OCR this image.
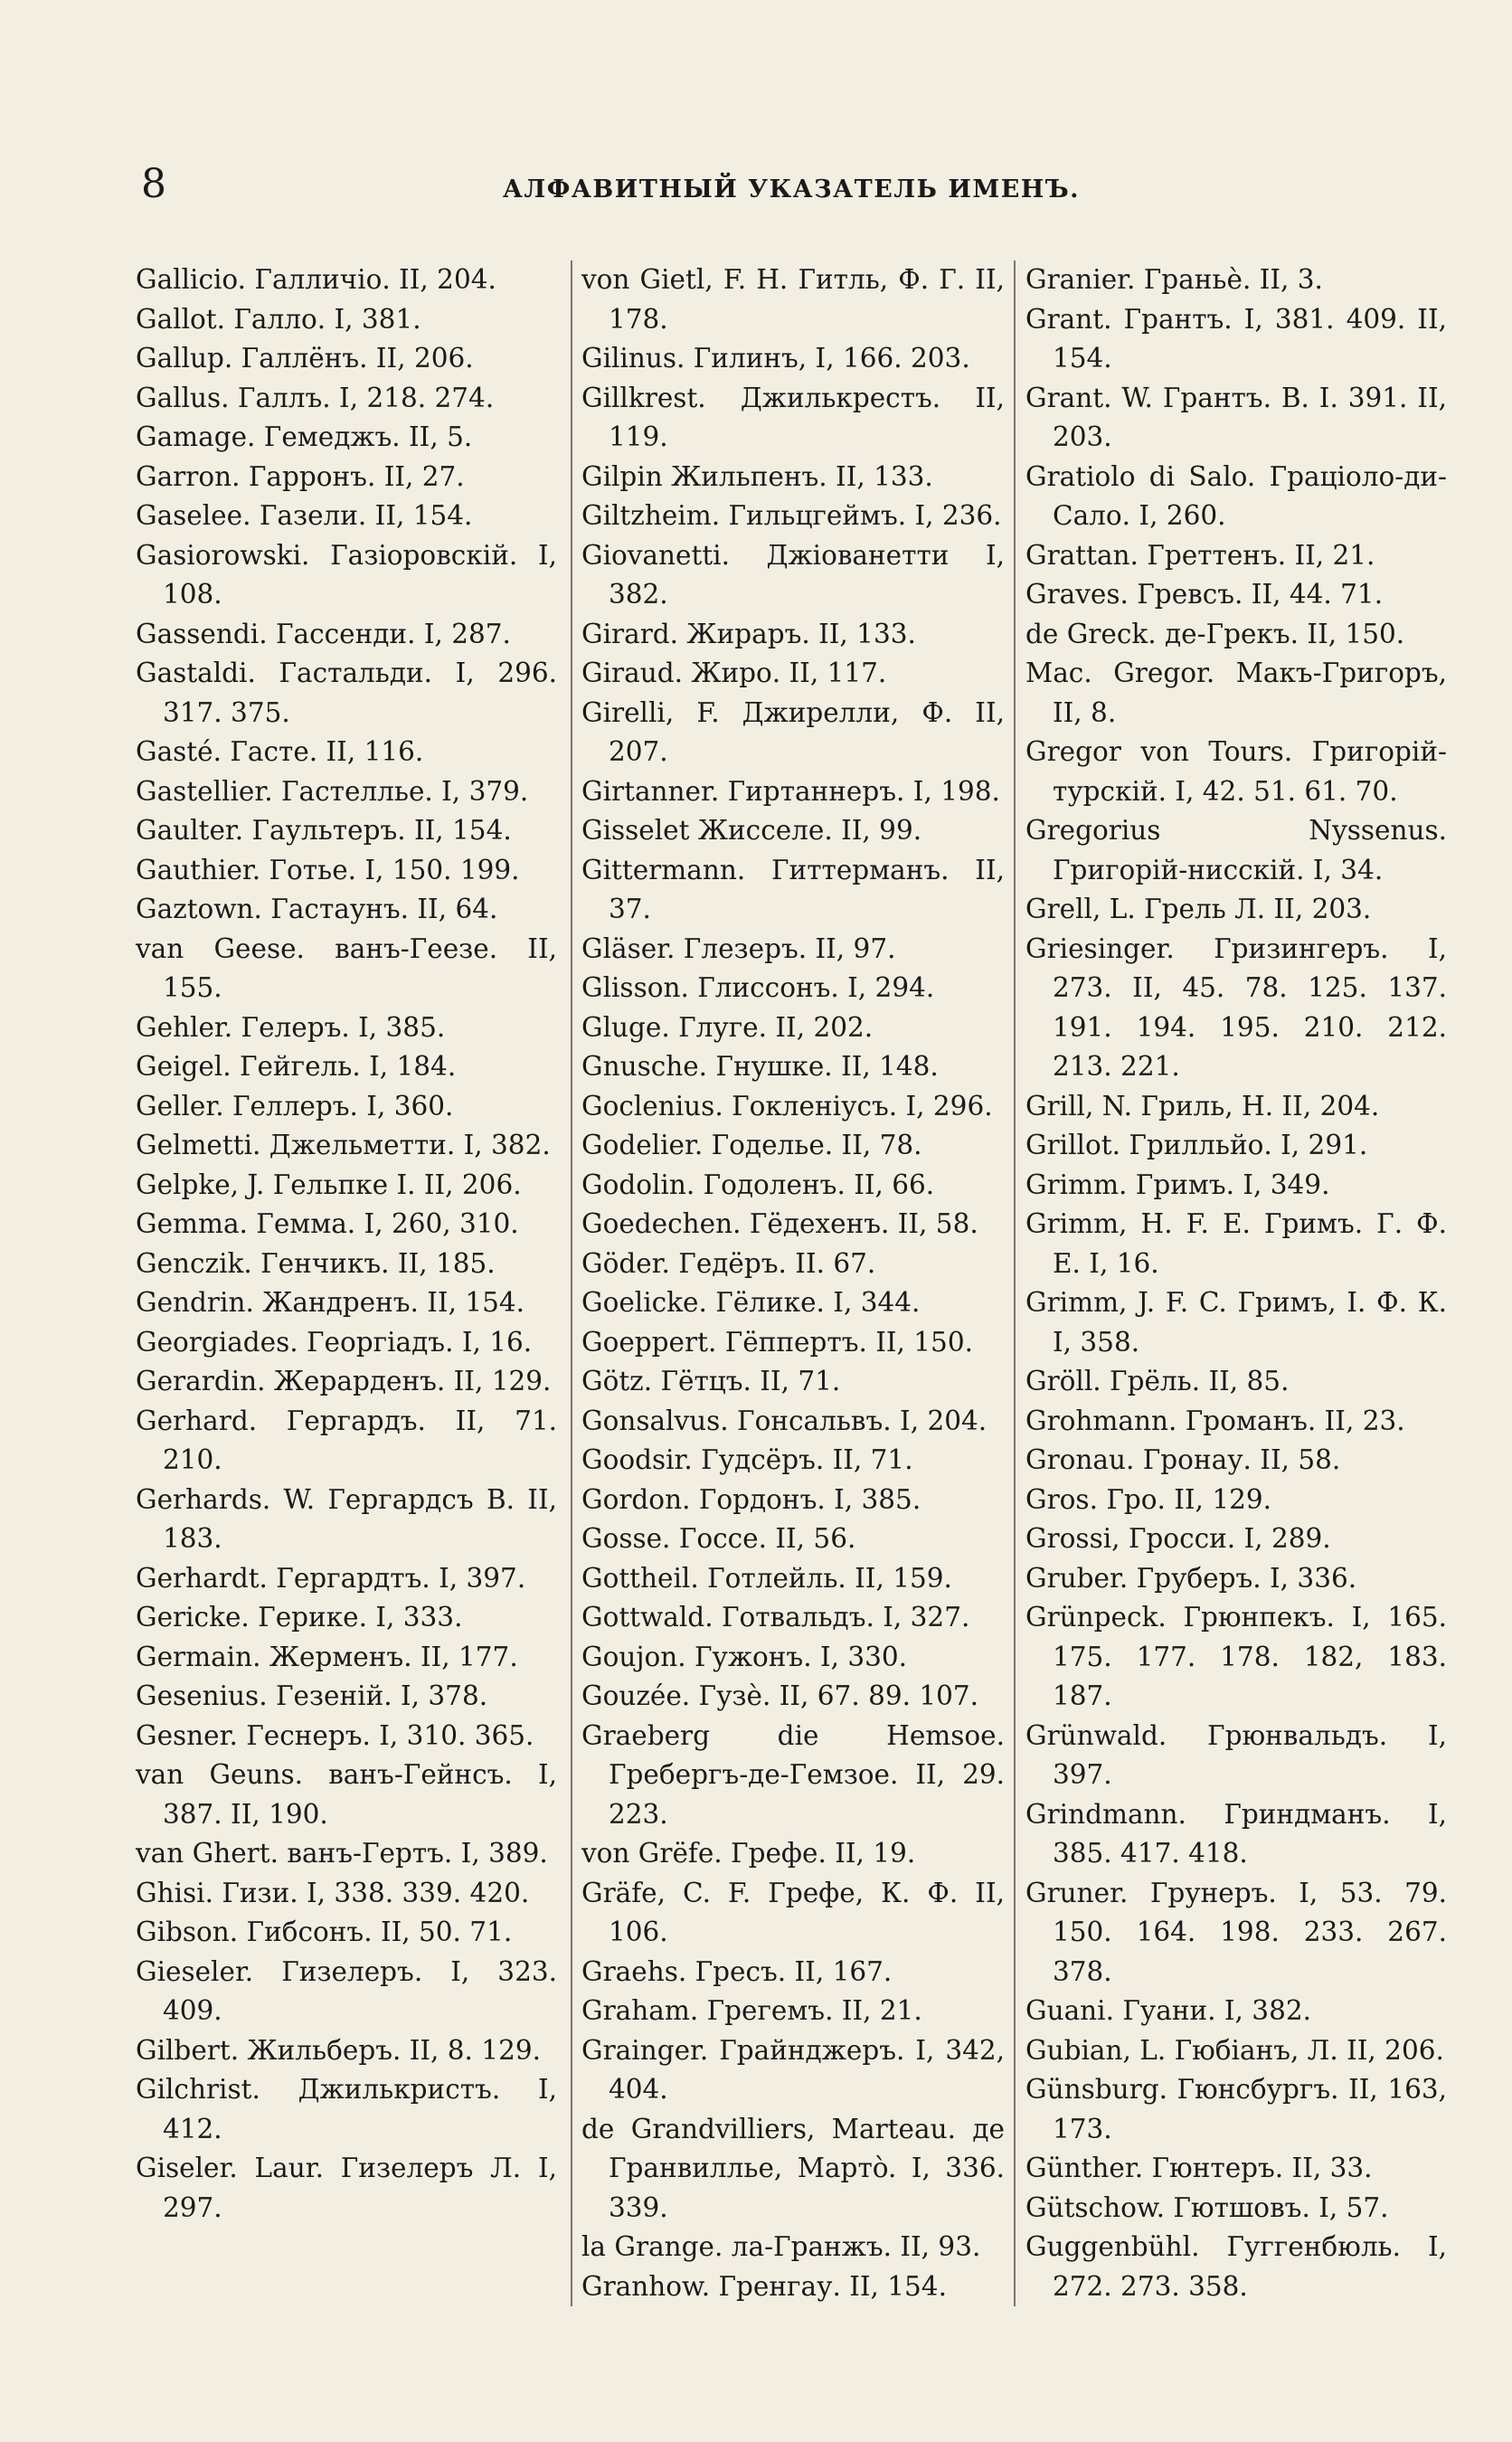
8	АЛФАВИТНЫЙ УКАЗАТЕЛЬ ИМЕНЪ.

Gallicio. Галличіо. II, 204.

Gallot. Галло. I, 381.

Gallup. Галлёнъ. II, 206.

Gallus. Галлъ. I, 218. 274.

Gamage. Гемеджъ. II, 5.

Garron. Гарронъ. II, 27.

Gaselee. Газели. II, 154.

Gasiorowski. Газіоровскій. I, 108.

Gassendi. Гассенди. I, 287.

Gastaldi. Гастальди. I, 296. 317. 375.

Gasté. Гасте. II, 116.

Gastellier. Гастеллье. I, 379.

Gaulter. Гаультеръ. II, 154.

Gauthier. Готье. I, 150. 199.

Gaztown. Гастаунъ. II, 64.

van Geese. ванъ-Геезе. II, 155.

Gehler. Гелеръ. I, 385.

Geigel. Гейгель. I, 184.

Geller. Геллеръ. I, 360.

Gelmetti. Джельметти. I, 382.

Gelpke, J. Гельпке I. II, 206.

Gemma. Гемма. I, 260, 310.

Genczik. Генчикъ. II, 185.

Gendrin. Жандренъ. II, 154.

Georgiades. Георгіадъ. I, 16.

Gerardin. Жерарденъ. II, 129.

Gerhard. Гергардъ. II, 71. 210.

Gerhards. W. Гергардсъ В. II, 183.

Gerhardt. Гергардтъ. I, 397.

Gericke. Герике. I, 333.

Germain. Жерменъ. II, 177.

Gesenius. Гезеній. I, 378.

Gesner. Геснеръ. I, 310. 365.

van Geuns. ванъ-Гейнсъ. I, 387. II, 190.

van Ghert. ванъ-Гертъ. I, 389.

Ghisi. Гизи. I, 338. 339. 420.

Gibson. Гибсонъ. II, 50. 71.

Gieseler. Гизелеръ. I, 323. 409.

Gilbert. Жильберъ. II, 8. 129.

Gilchrist. Джилькристъ. I, 412.

Giseler. Laur. Гизелеръ Л. I, 297.

von Gietl, F. H. Гитль, Ф. Г. II, 178.

Gilinus. Гилинъ, I, 166. 203.

Gillkrest. Джилькрестъ. II, 119.

Gilpin Жильпенъ. II, 133.

Giltzheim. Гильцгеймъ. I, 236.

Giovanetti. Джіованетти I, 382.

Girard. Жираръ. II, 133.

Giraud. Жиро. II, 117.

Girelli, F. Джирелли, Ф. II, 207.

Girtanner. Гиртаннеръ. I, 198.

Gisselet Жисселе. II, 99.

Gittermann. Гиттерманъ. II, 37.

Gläser. Глезеръ. II, 97.

Glisson. Глиссонъ. I, 294.

Gluge. Глуге. II, 202.

Gnusche. Гнушке. II, 148.

Goclenius. Гокленіусъ. I, 296.

Godelier. Годелье. II, 78.

Godolin. Годоленъ. II, 66.

Goedechen. Гёдехенъ. II, 58.

Göder. Гедёръ. II. 67.

Goelicke. Гёлике. I, 344.

Goeppert. Гёппертъ. II, 150.

Götz. Гётцъ. II, 71.

Gonsalvus. Гонсальвъ. I, 204.

Goodsir. Гудсёръ. II, 71.

Gordon. Гордонъ. I, 385.

Gosse. Госсе. II, 56.

Gottheil. Готлейль. II, 159.

Gottwald. Готвальдъ. I, 327.

Goujon. Гужонъ. I, 330.

Gouzée. Гузè. II, 67. 89. 107.

Graeberg die Hemsoe. Гребергъ-де-Гемзое. II, 29. 223.

von Grëfe. Грефе. II, 19.

Gräfe, C. F. Грефе, К. Ф. II, 106.

Graehs. Гресъ. II, 167.

Graham. Грегемъ. II, 21.

Grainger. Грайнджеръ. I, 342, 404.

de Grandvilliers, Marteau. де Гранвиллье, Мартò. I, 336. 339.

la Grange. ла-Гранжъ. II, 93.

Granhow. Гренгау. II, 154.

Granier. Граньè. II, 3.

Grant. Грантъ. I, 381. 409. II, 154.

Grant. W. Грантъ. В. I. 391. II, 203.

Gratiolo di Salo. Граціоло-ди-Сало. I, 260.

Grattan. Греттенъ. II, 21.

Graves. Гревсъ. II, 44. 71.

de Greck. де-Грекъ. II, 150.

Mac. Gregor. Макъ-Григоръ, II, 8.

Gregor von Tours. Григорій-турскій. I, 42. 51. 61. 70.

Gregorius Nyssenus. Григорій-нисскій. I, 34.

Grell, L. Грель Л. II, 203.

Griesinger. Гризингеръ. I, 273. II, 45. 78. 125. 137. 191. 194. 195. 210. 212. 213. 221.

Grill, N. Гриль, Н. II, 204.

Grillot. Грилльйо. I, 291.

Grimm. Гримъ. I, 349.

Grimm, H. F. E. Гримъ. Г. Ф. Е. I, 16.

Grimm, J. F. C. Гримъ, I. Ф. К. I, 358.

Gröll. Грёль. II, 85.

Grohmann. Громанъ. II, 23.

Gronau. Гронау. II, 58.

Gros. Гро. II, 129.

Grossi, Гросси. I, 289.

Gruber. Груберъ. I, 336.

Grünpeck. Грюнпекъ. I, 165. 175. 177. 178. 182, 183. 187.

Grünwald. Грюнвальдъ. I, 397.

Grindmann. Гриндманъ. I, 385. 417. 418.

Gruner. Грунеръ. I, 53. 79. 150. 164. 198. 233. 267. 378.

Guani. Гуани. I, 382.

Gubian, L. Гюбіанъ, Л. II, 206.

Günsburg. Гюнсбургъ. II, 163, 173.

Günther. Гюнтеръ. II, 33.

Gütschow. Гютшовъ. I, 57.

Guggenbühl. Гуггенбюль. I, 272. 273. 358.
